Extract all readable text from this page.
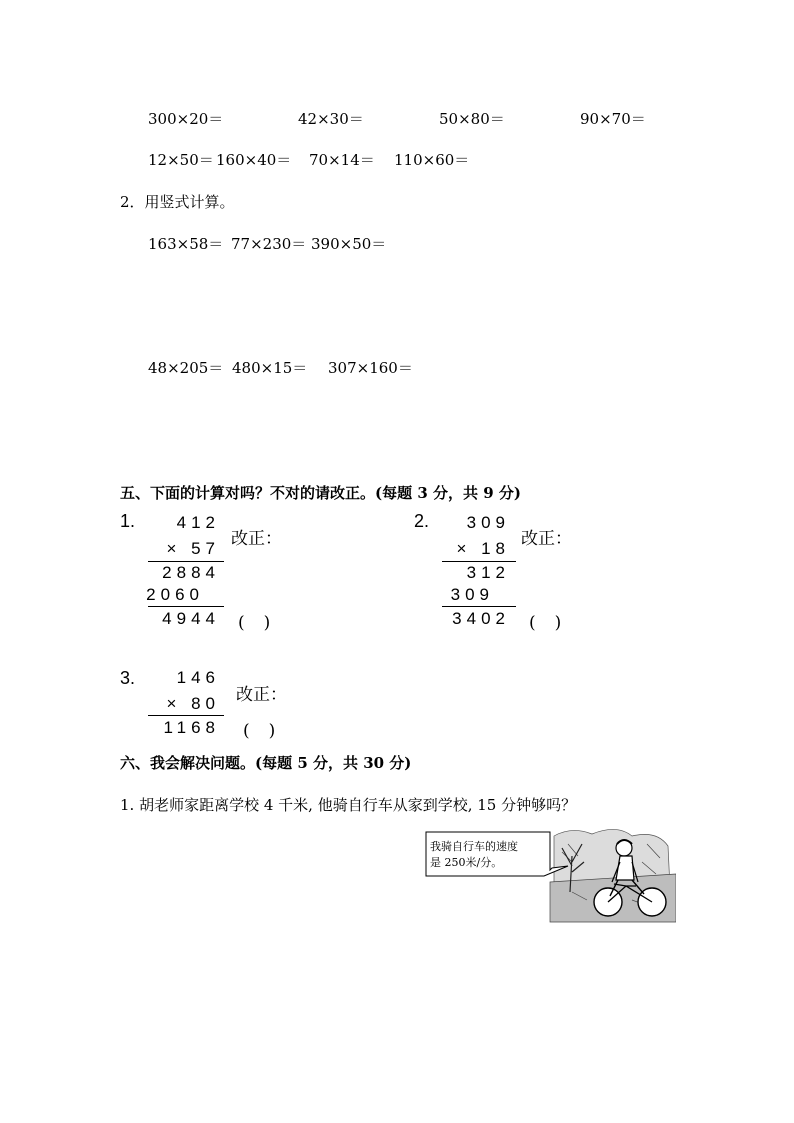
300×20＝	42×30＝	50×80＝	90×70＝
12×50＝ 160×40＝ 70×14＝ 110×60＝
2．用竖式计算。
163×58＝ 77×230＝ 390×50＝
48×205＝ 480×15＝ 307×160＝
五、下面的计算对吗？不对的请改正。(每题 3 分，共 9 分)
1.	412
× 57
2884
2060
4944
改正：
(　)
2.	309
× 18
312
309
3402
改正：
(　)
3.	146
× 80
1168
改正：
(　)
六、我会解决问题。(每题 5 分，共 30 分)
1. 胡老师家距离学校 4 千米, 他骑自行车从家到学校, 15 分钟够吗？
我骑自行车的速度
是 250米/分。
